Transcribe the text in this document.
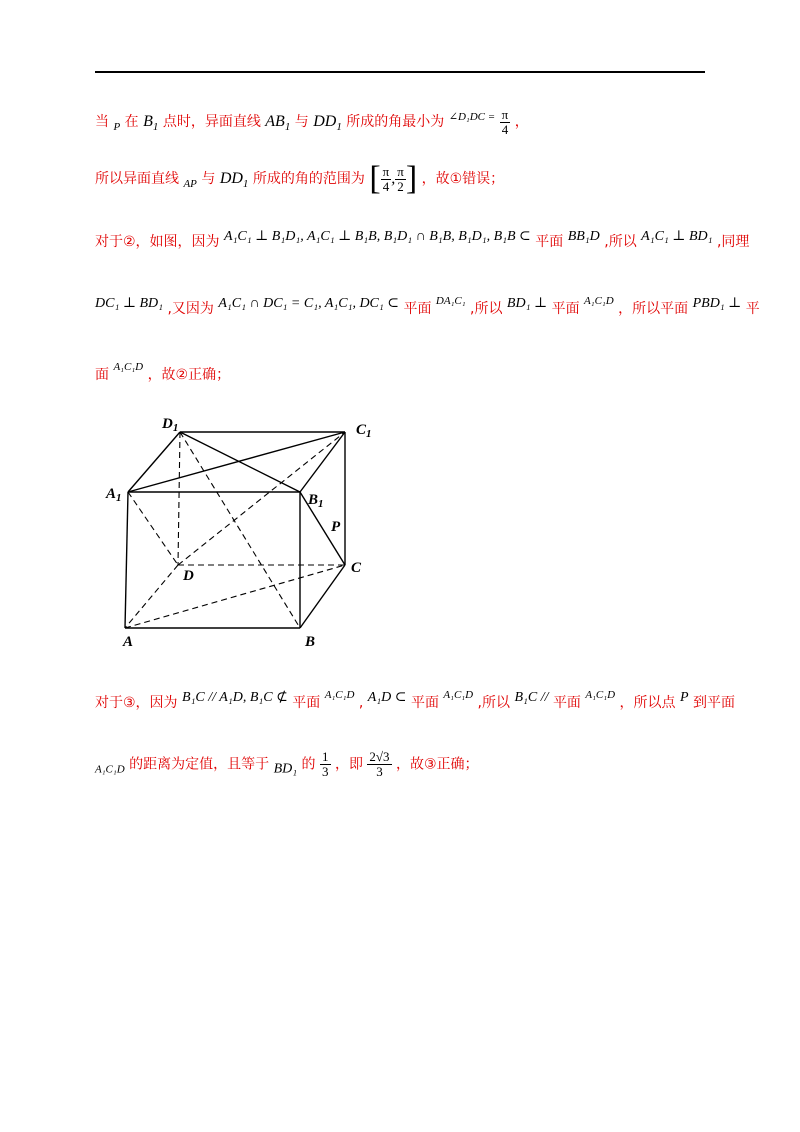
当 $_P$ 在 $B_1$ 点时，异面直线 $AB_1$ 与 $DD_1$ 所成的角最小为 $^{\angle D_1DC =} \frac{\pi}{4}$ ，
所以异面直线 $_{AP}$ 与 $DD_1$ 所成的角的范围为 [ $\frac{\pi}{4}$ , $\frac{\pi}{2}$ ] ，故①错误；
对于②，如图，因为 A₁C₁ ⊥ B₁D₁, A₁C₁ ⊥ B₁B, B₁D₁ ∩ B₁B, B₁D₁, B₁B ⊂ 平面 BB₁D ,所以 A₁C₁ ⊥ BD₁ ,同理
DC₁ ⊥ BD₁ ,又因为 A₁C₁ ∩ DC₁ = C₁, A₁C₁, DC₁ ⊂ 平面 $^{DA_1C_1}$ ,所以 BD₁ ⊥ 平面 $^{A_1C_1D}$ ，所以平面 PBD₁ ⊥ 平
面 $^{A_1C_1D}$ ，故②正确；
$D_1$	$C_1$
$A_1$	$B_1$
P
D	C
A	B
对于③，因为 B₁C // A₁D, B₁C ⊄ 平面 $^{A_1C_1D}$ , A₁D ⊂ 平面 $^{A_1C_1D}$ ,所以 B₁C // 平面 $^{A_1C_1D}$ ，所以点 P 到平面
$_{A_1C_1D}$ 的距离为定值，且等于 BD₁ 的 $\frac{1}{3}$ ，即 $\frac{2√3}{3}$ ，故③正确；
